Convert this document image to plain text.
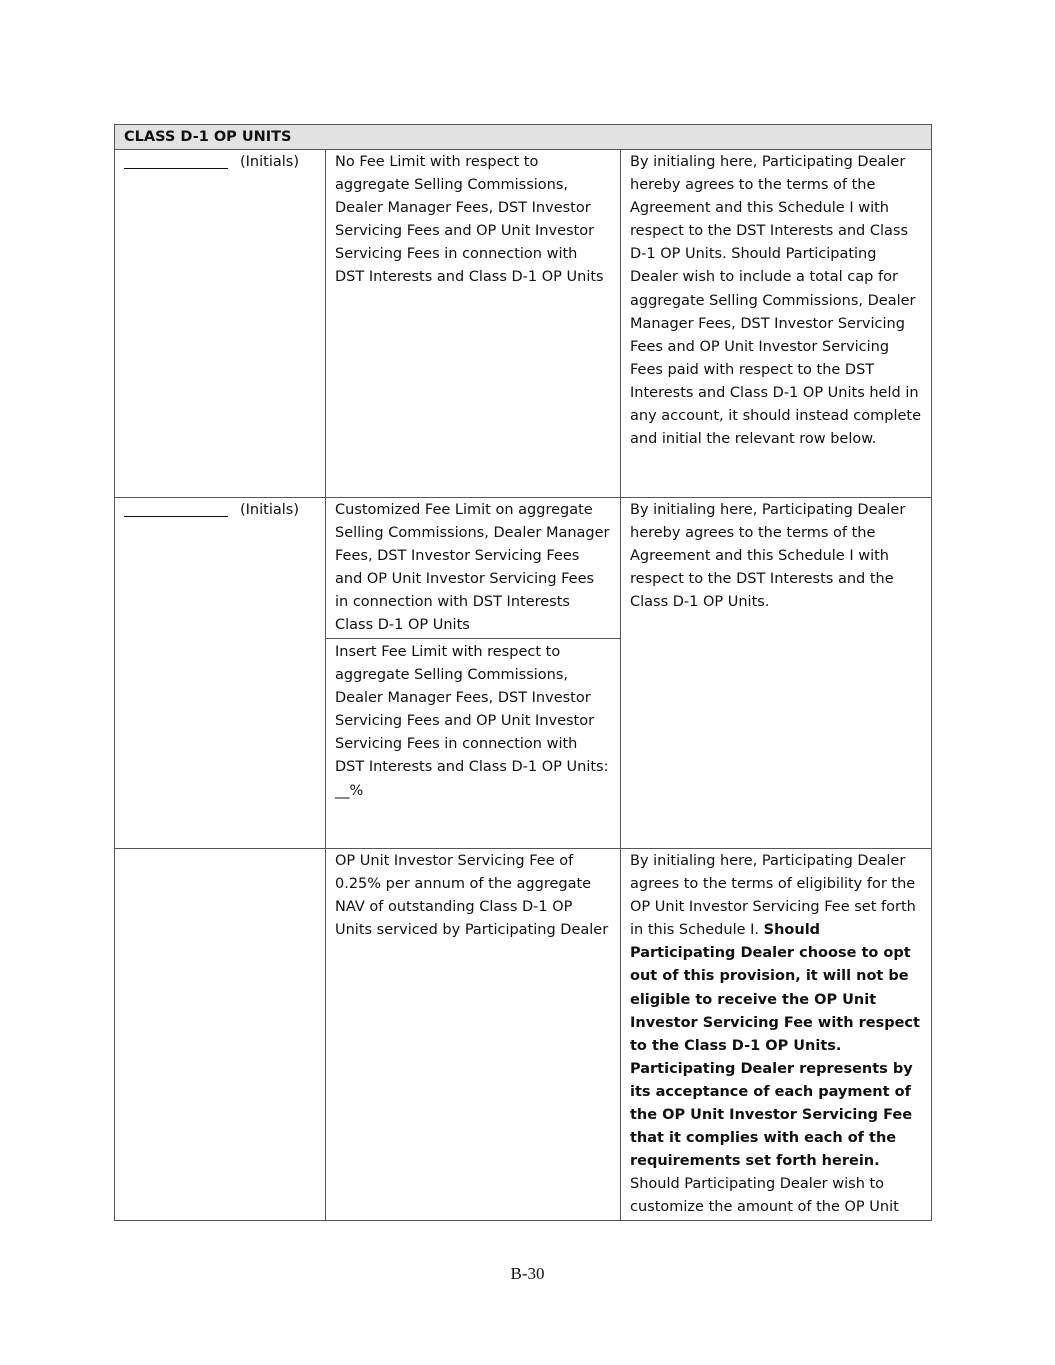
CLASS D-1 OP UNITS		

(Initials)	No Fee Limit with respect to aggregate Selling Commissions, Dealer Manager Fees, DST Investor Servicing Fees and OP Unit Investor Servicing Fees in connection with DST Interests and Class D-1 OP Units	By initialing here, Participating Dealer hereby agrees to the terms of the Agreement and this Schedule I with respect to the DST Interests and Class D-1 OP Units. Should Participating Dealer wish to include a total cap for aggregate Selling Commissions, Dealer Manager Fees, DST Investor Servicing Fees and OP Unit Investor Servicing Fees paid with respect to the DST Interests and Class D-1 OP Units held in any account, it should instead complete and initial the relevant row below.

(Initials)	Customized Fee Limit on aggregate Selling Commissions, Dealer Manager Fees, DST Investor Servicing Fees and OP Unit Investor Servicing Fees in connection with DST Interests Class D-1 OP Units
Insert Fee Limit with respect to aggregate Selling Commissions, Dealer Manager Fees, DST Investor Servicing Fees and OP Unit Investor Servicing Fees in connection with DST Interests and Class D-1 OP Units: __%	By initialing here, Participating Dealer hereby agrees to the terms of the Agreement and this Schedule I with respect to the DST Interests and the Class D-1 OP Units.

	OP Unit Investor Servicing Fee of 0.25% per annum of the aggregate NAV of outstanding Class D-1 OP Units serviced by Participating Dealer	By initialing here, Participating Dealer agrees to the terms of eligibility for the OP Unit Investor Servicing Fee set forth in this Schedule I. Should Participating Dealer choose to opt out of this provision, it will not be eligible to receive the OP Unit Investor Servicing Fee with respect to the Class D-1 OP Units. Participating Dealer represents by its acceptance of each payment of the OP Unit Investor Servicing Fee that it complies with each of the requirements set forth herein. Should Participating Dealer wish to customize the amount of the OP Unit
B-30
